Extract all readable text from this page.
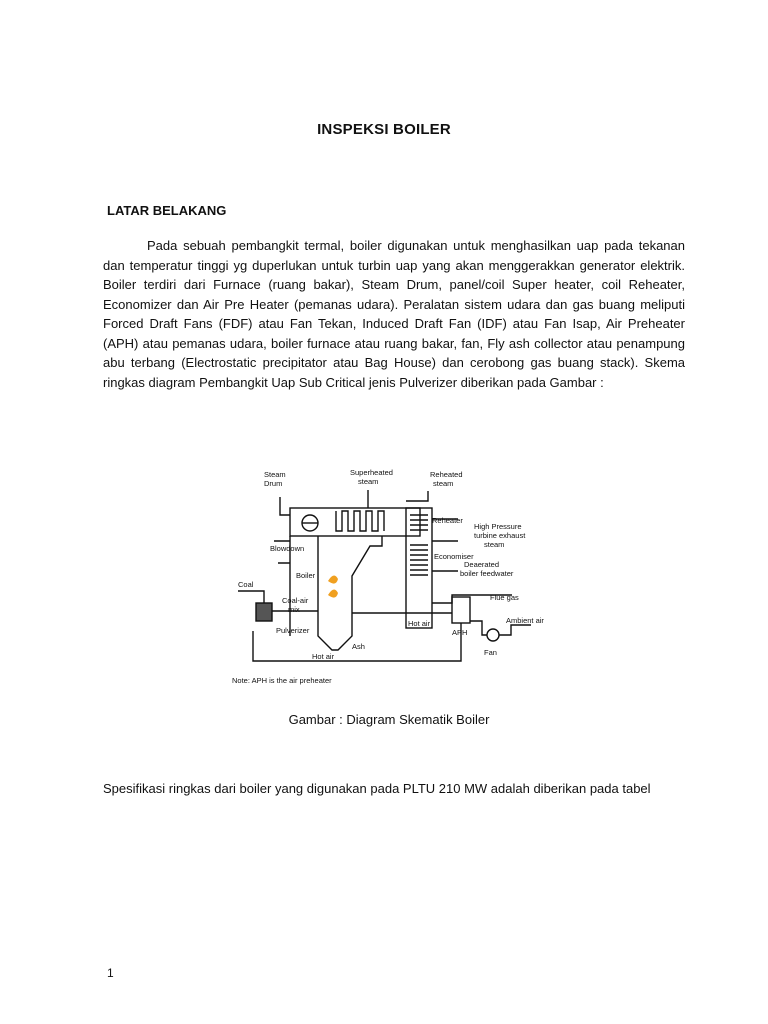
INSPEKSI BOILER
LATAR BELAKANG
Pada sebuah pembangkit termal, boiler digunakan untuk menghasilkan uap pada tekanan dan temperatur tinggi yg duperlukan untuk turbin uap yang akan menggerakkan generator elektrik. Boiler terdiri dari Furnace (ruang bakar), Steam Drum, panel/coil Super heater, coil Reheater, Economizer dan Air Pre Heater (pemanas udara). Peralatan sistem udara dan gas buang meliputi Forced Draft Fans (FDF) atau Fan Tekan, Induced Draft Fan (IDF) atau Fan Isap, Air Preheater (APH) atau pemanas udara, boiler furnace atau ruang bakar, fan, Fly ash collector atau penampung abu terbang (Electrostatic precipitator atau Bag House) dan cerobong gas buang stack). Skema ringkas diagram Pembangkit Uap Sub Critical jenis Pulverizer diberikan pada Gambar :
Steam
Drum
Superheated
steam
Reheated
steam
Reheater
High Pressure
turbine exhaust
steam
Blowdown
Economiser
Deaerated
boiler feedwater
Boiler
Coal
Coal-air
mix
Pulverizer
Flue gas
Hot air	Ambient air
APH
Ash
Hot air	Fan
Note: APH is the air preheater
Gambar : Diagram Skematik Boiler
Spesifikasi ringkas dari boiler yang digunakan pada PLTU 210 MW adalah diberikan pada tabel
1
